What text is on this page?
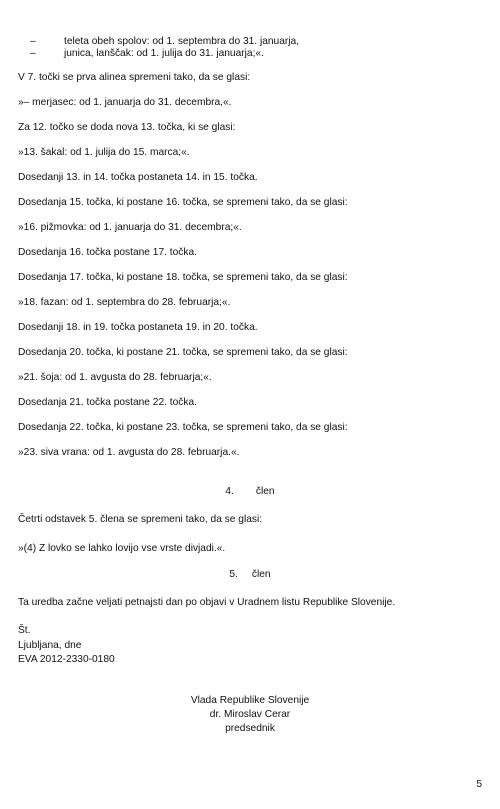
–	teleta obeh spolov: od 1. septembra do 31. januarja,
–	junica, lanščak: od 1. julija do 31. januarja;«.
V 7. točki se prva alinea spremeni tako, da se glasi:
»– merjasec: od 1. januarja do 31. decembra,«.
Za 12. točko se doda nova 13. točka, ki se glasi:
»13. šakal: od 1. julija do 15. marca;«.
Dosedanji 13. in 14. točka postaneta 14. in 15. točka.
Dosedanja 15. točka, ki postane 16. točka, se spremeni tako, da se glasi:
»16. pižmovka: od 1. januarja do 31. decembra;«.
Dosedanja 16. točka postane 17. točka.
Dosedanja 17. točka, ki postane 18. točka, se spremeni tako, da se glasi:
»18. fazan: od 1. septembra do 28. februarja;«.
Dosedanji 18. in 19. točka postaneta 19. in 20. točka.
Dosedanja 20. točka, ki postane 21. točka, se spremeni tako, da se glasi:
»21. šoja: od 1. avgusta do 28. februarja;«.
Dosedanja 21. točka postane 22. točka.
Dosedanja 22. točka, ki postane 23. točka, se spremeni tako, da se glasi:
»23. siva vrana: od 1. avgusta do 28. februarja.«.
4. člen
Četrti odstavek 5. člena se spremeni tako, da se glasi:
»(4) Z lovko se lahko lovijo vse vrste divjadi.«.
5. člen
Ta uredba začne veljati petnajsti dan po objavi v Uradnem listu Republike Slovenije.
Št.
Ljubljana, dne
EVA 2012-2330-0180
Vlada Republike Slovenije
dr. Miroslav Cerar
predsednik
5
